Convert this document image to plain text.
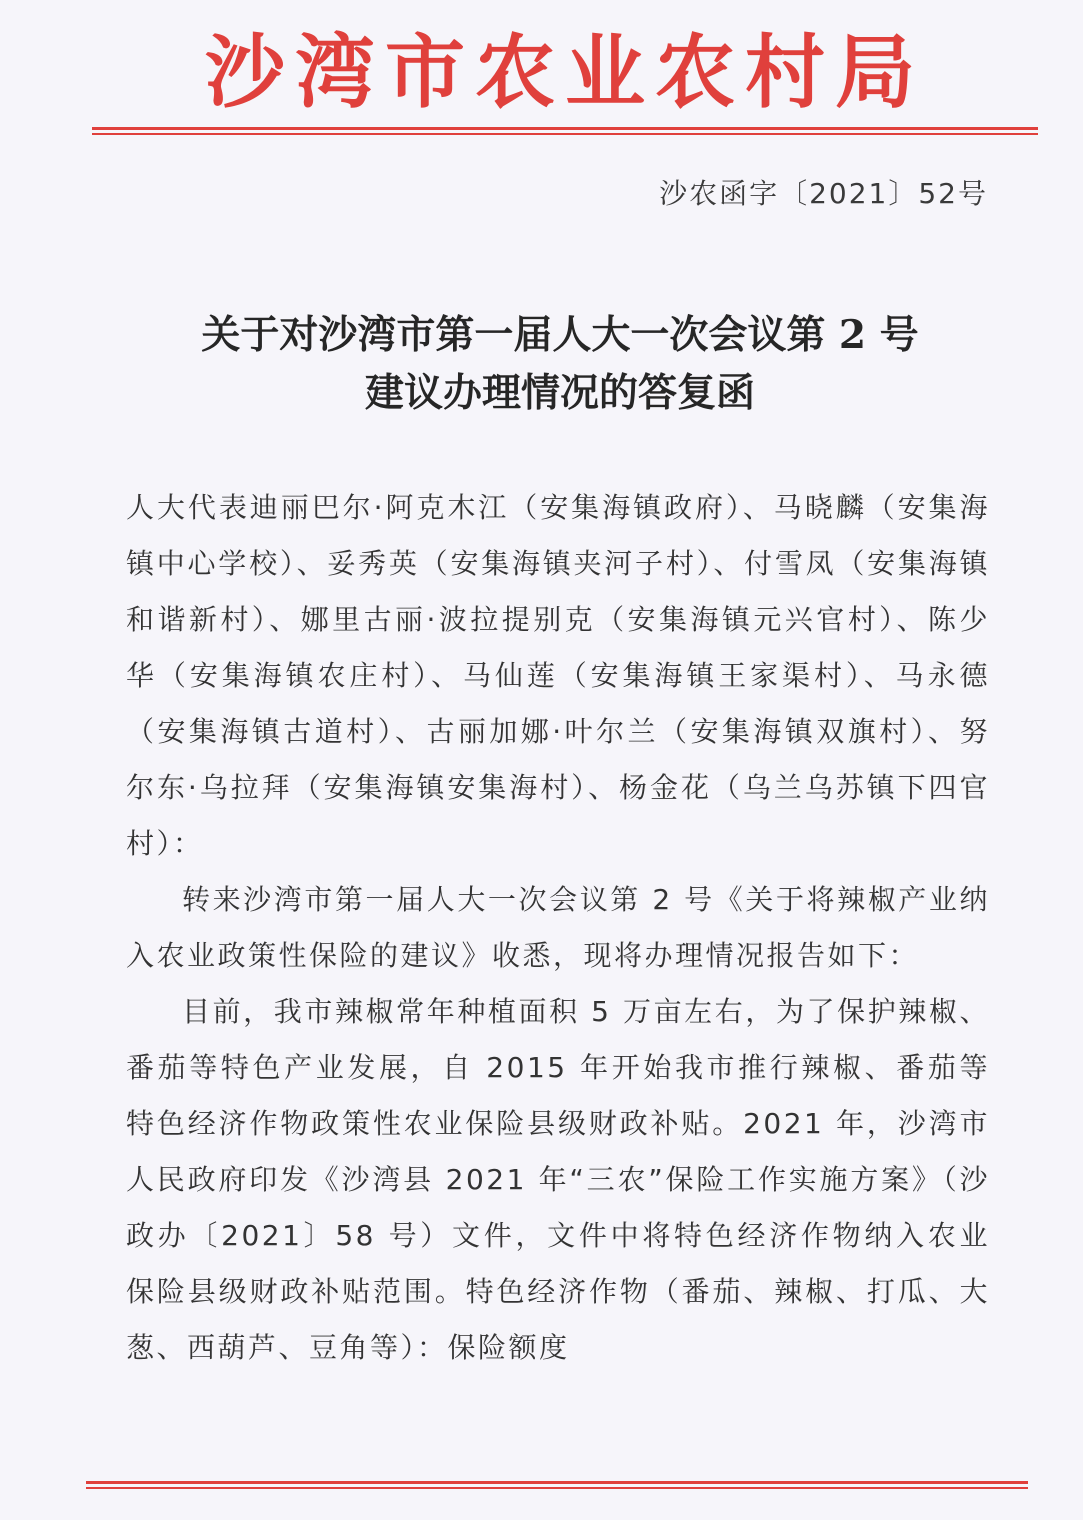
沙湾市农业农村局
沙农函字〔2021〕52号
关于对沙湾市第一届人大一次会议第 2 号
建议办理情况的答复函

人大代表迪丽巴尔·阿克木江（安集海镇政府）、马晓麟（安集海镇中心学校）、妥秀英（安集海镇夹河子村）、付雪凤（安集海镇和谐新村）、娜里古丽·波拉提别克（安集海镇元兴官村）、陈少华（安集海镇农庄村）、马仙莲（安集海镇王家渠村）、马永德（安集海镇古道村）、古丽加娜·叶尔兰（安集海镇双旗村）、努尔东·乌拉拜（安集海镇安集海村）、杨金花（乌兰乌苏镇下四官村）：

转来沙湾市第一届人大一次会议第 2 号《关于将辣椒产业纳入农业政策性保险的建议》收悉，现将办理情况报告如下：

目前，我市辣椒常年种植面积 5 万亩左右，为了保护辣椒、番茄等特色产业发展，自 2015 年开始我市推行辣椒、番茄等特色经济作物政策性农业保险县级财政补贴。2021 年，沙湾市人民政府印发《沙湾县 2021 年“三农”保险工作实施方案》（沙政办〔2021〕58 号）文件，文件中将特色经济作物纳入农业保险县级财政补贴范围。特色经济作物（番茄、辣椒、打瓜、大葱、西葫芦、豆角等）：保险额度
